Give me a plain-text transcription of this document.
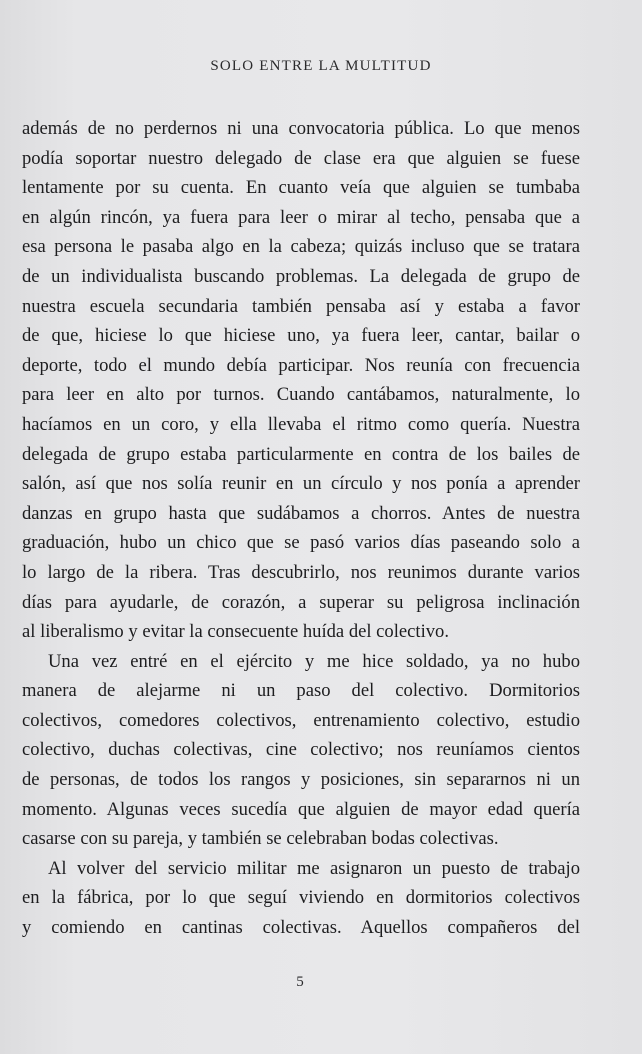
SOLO ENTRE LA MULTITUD
además de no perdernos ni una convocatoria pública. Lo que menos
podía soportar nuestro delegado de clase era que alguien se fuese
lentamente por su cuenta. En cuanto veía que alguien se tumbaba
en algún rincón, ya fuera para leer o mirar al techo, pensaba que a
esa persona le pasaba algo en la cabeza; quizás incluso que se tratara
de un individualista buscando problemas. La delegada de grupo de
nuestra escuela secundaria también pensaba así y estaba a favor
de que, hiciese lo que hiciese uno, ya fuera leer, cantar, bailar o
deporte, todo el mundo debía participar. Nos reunía con frecuencia
para leer en alto por turnos. Cuando cantábamos, naturalmente, lo
hacíamos en un coro, y ella llevaba el ritmo como quería. Nuestra
delegada de grupo estaba particularmente en contra de los bailes de
salón, así que nos solía reunir en un círculo y nos ponía a aprender
danzas en grupo hasta que sudábamos a chorros. Antes de nuestra
graduación, hubo un chico que se pasó varios días paseando solo a
lo largo de la ribera. Tras descubrirlo, nos reunimos durante varios
días para ayudarle, de corazón, a superar su peligrosa inclinación
al liberalismo y evitar la consecuente huída del colectivo.
Una vez entré en el ejército y me hice soldado, ya no hubo
manera de alejarme ni un paso del colectivo. Dormitorios
colectivos, comedores colectivos, entrenamiento colectivo, estudio
colectivo, duchas colectivas, cine colectivo; nos reuníamos cientos
de personas, de todos los rangos y posiciones, sin separarnos ni un
momento. Algunas veces sucedía que alguien de mayor edad quería
casarse con su pareja, y también se celebraban bodas colectivas.
Al volver del servicio militar me asignaron un puesto de trabajo
en la fábrica, por lo que seguí viviendo en dormitorios colectivos
y comiendo en cantinas colectivas. Aquellos compañeros del
5
